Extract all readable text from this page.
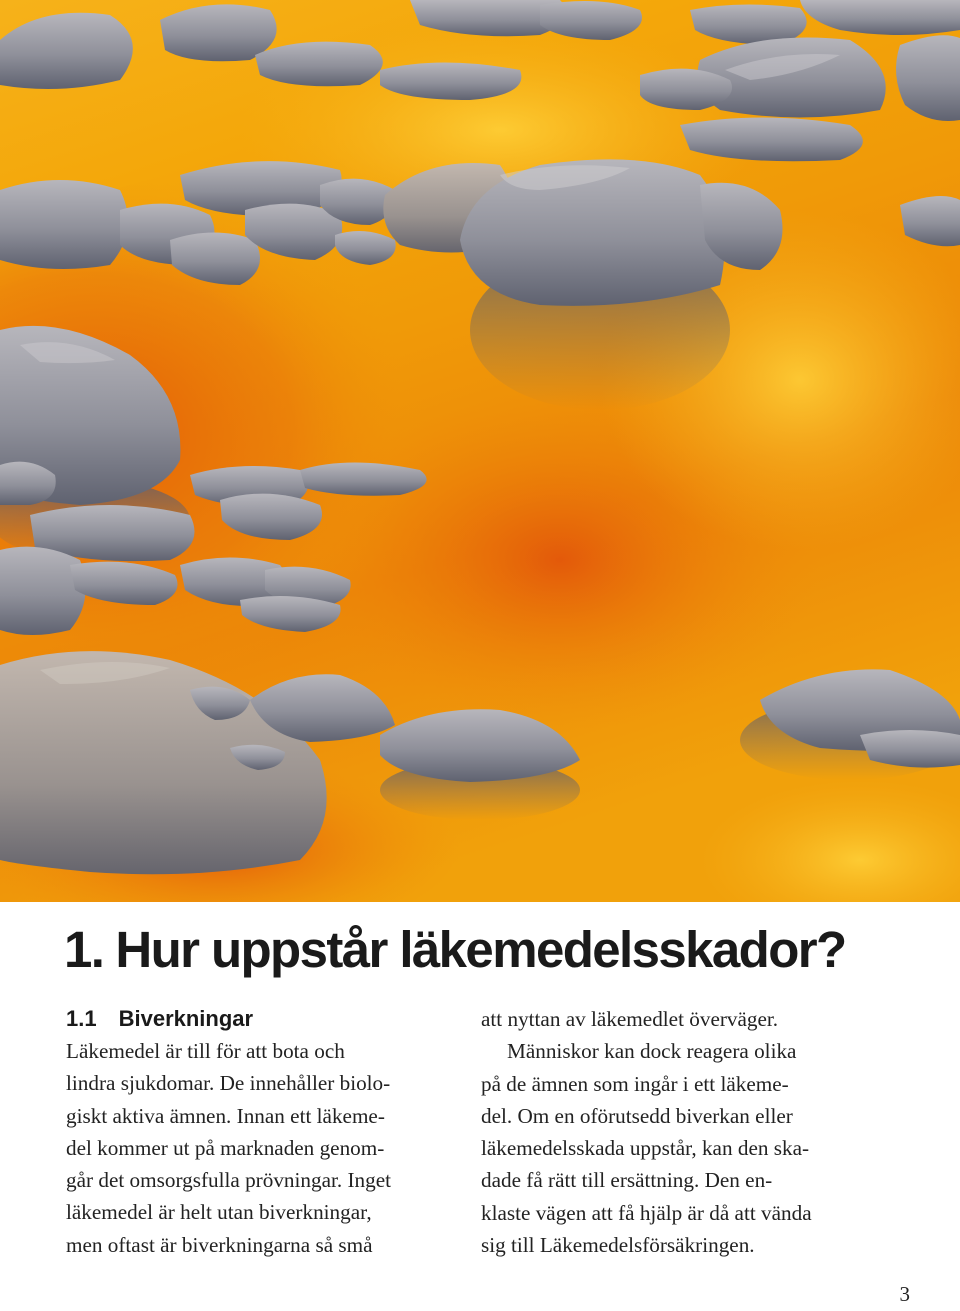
1. Hur uppstår läkemedelsskador?
1.1 Biverkningar
Läkemedel är till för att bota och
lindra sjukdomar. De innehåller biolo-
giskt aktiva ämnen. Innan ett läkeme-
del kommer ut på marknaden genom-
går det omsorgsfulla prövningar. Inget
läkemedel är helt utan biverkningar,
men oftast är biverkningarna så små
att nyttan av läkemedlet överväger.
Människor kan dock reagera olika
på de ämnen som ingår i ett läkeme-
del. Om en oförutsedd biverkan eller
läkemedelsskada uppstår, kan den ska-
dade få rätt till ersättning. Den en-
klaste vägen att få hjälp är då att vända
sig till Läkemedelsförsäkringen.
3
